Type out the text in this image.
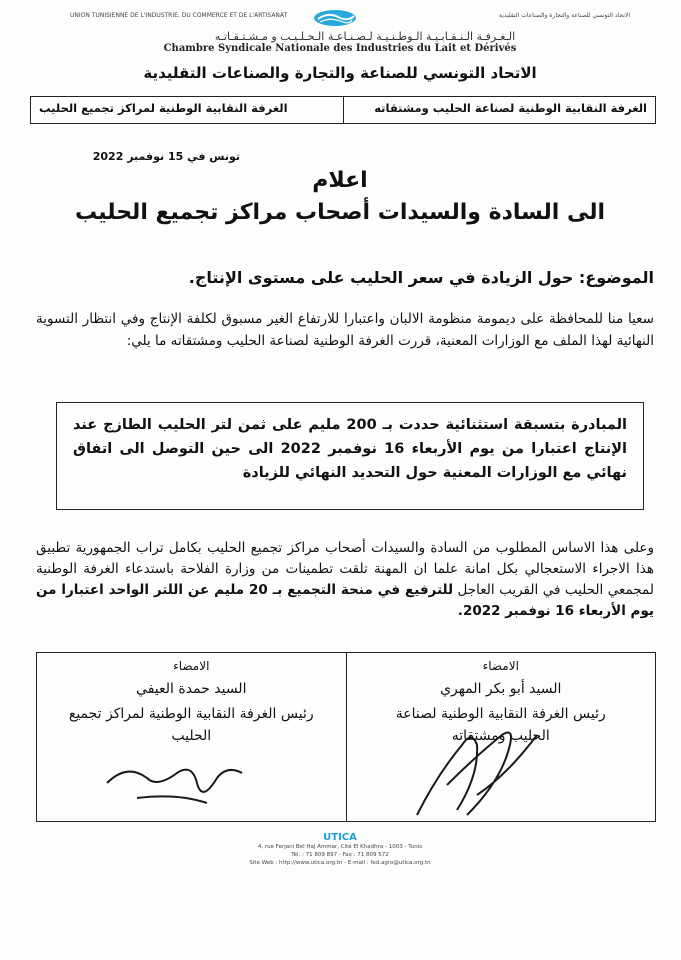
UNION TUNISIENNE DE L'INDUSTRIE, DU COMMERCE ET DE L'ARTISANAT	الاتحاد التونسي للصناعة والتجارة والصناعات التقليدية
الـغـرفـة الـنـقـابـيـة الـوطـنـيـة لـصـنـاعـة الـحـلـيـب و مـشـتـقـاتـه
Chambre Syndicale Nationale des Industries du Lait et Dérivés
الاتحاد التونسي للصناعة والتجارة والصناعات التقليدية
الغرفة النقابية الوطنية لصناعة الحليب ومشتقاته
الغرفة النقابية الوطنية لمراكز تجميع الحليب
تونس في 15 نوفمبر 2022
اعلام
الى السادة والسيدات أصحاب مراكز تجميع الحليب
الموضوع: حول الزيادة في سعر الحليب على مستوى الإنتاج.
سعيا منا للمحافظة على ديمومة منظومة الالبان واعتبارا للارتفاع الغير مسبوق لكلفة الإنتاج وفي انتظار التسوية النهائية لهذا الملف مع الوزارات المعنية، قررت الغرفة الوطنية لصناعة الحليب ومشتقاته ما يلي:
المبادرة بتسبقة استثنائية حددت بـ 200 مليم على ثمن لتر الحليب الطازج عند الإنتاج اعتبارا من يوم الأربعاء 16 نوفمبر 2022 الى حين التوصل الى اتفاق نهائي مع الوزارات المعنية حول التحديد النهائي للزيادة
وعلى هذا الاساس المطلوب من السادة والسيدات أصحاب مراكز تجميع الحليب بكامل تراب الجمهورية تطبيق هذا الاجراء الاستعجالي بكل امانة علما ان المهنة تلقت تطمينات من وزارة الفلاحة باستدعاء الغرفة الوطنية لمجمعي الحليب في القريب العاجل للترفيع في منحة التجميع بـ 20 مليم عن اللتر الواحد اعتبارا من يوم الأربعاء 16 نوفمبر 2022.
الامضاء
السيد أبو بكر المهري
رئيس الغرفة النقابية الوطنية لصناعة الحليب ومشتقاته
الامضاء
السيد حمدة العيفي
رئيس الغرفة النقابية الوطنية لمراكز تجميع الحليب
UTICA
4, rue Ferjani Bel Haj Ammar, Cité El Khadhra - 1003 - Tunis
Tél. : 71 809 897 - Fax : 71 809 572
Site Web : http://www.utica.org.tn - E-mail : fed.agro@utica.org.tn
